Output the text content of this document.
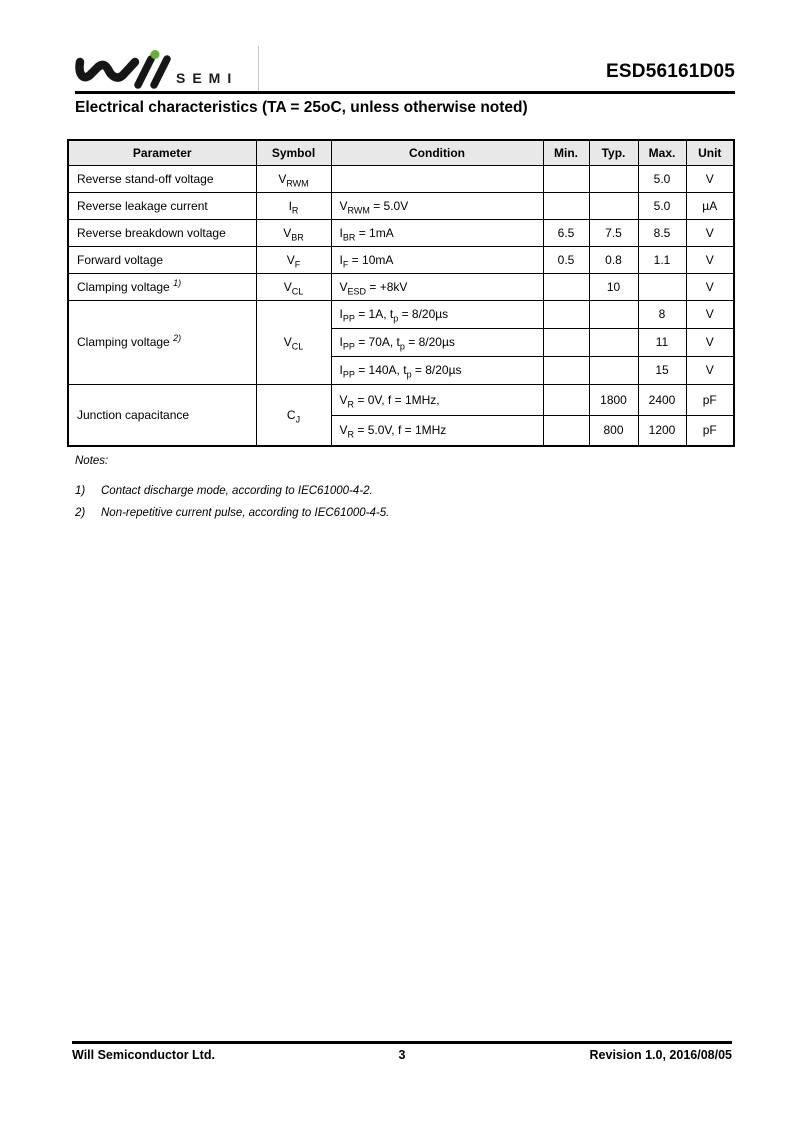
SEMI	ESD56161D05
Electrical characteristics (TA = 25oC, unless otherwise noted)
Parameter	Symbol	Condition	Min.	Typ.	Max.	Unit
Reverse stand-off voltage	$V_{RWM}$				5.0	V
Reverse leakage current	$I_R$	$V_{RWM} = 5.0V$			5.0	µA
Reverse breakdown voltage	$V_{BR}$	$I_{BR} = 1mA$	6.5	7.5	8.5	V
Forward voltage	$V_F$	$I_F = 10mA$	0.5	0.8	1.1	V
Clamping voltage $^{1)}$	$V_{CL}$	$V_{ESD} = +8kV$		10		V
Clamping voltage $^{2)}$	$V_{CL}$	$I_{PP} = 1A$, $t_p = 8/20\mu s$			8	V
		$I_{PP} = 70A$, $t_p = 8/20\mu s$			11	V
		$I_{PP} = 140A$, $t_p = 8/20\mu s$			15	V
Junction capacitance	$C_J$	$V_R = 0V$, f = 1MHz,		1800	2400	pF
		$V_R = 5.0V$, f = 1MHz		800	1200	pF
Notes:
1)	Contact discharge mode, according to IEC61000-4-2.
2)	Non-repetitive current pulse, according to IEC61000-4-5.
Will Semiconductor Ltd.	3	Revision 1.0, 2016/08/05
